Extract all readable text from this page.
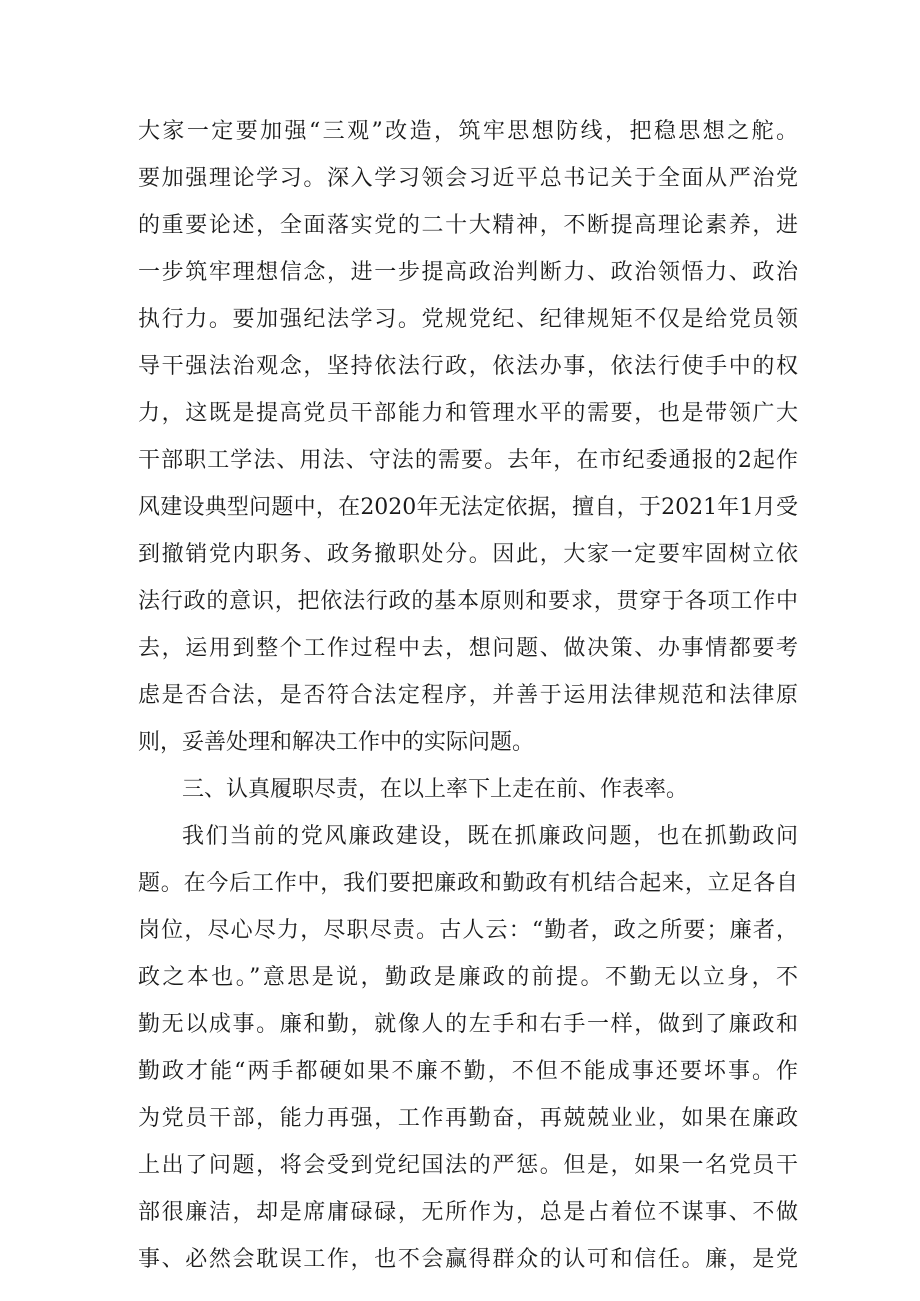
大家一定要加强“三观”改造，筑牢思想防线，把稳思想之舵。
要加强理论学习。深入学习领会习近平总书记关于全面从严治党
的重要论述，全面落实党的二十大精神，不断提高理论素养，进
一步筑牢理想信念，进一步提高政治判断力、政治领悟力、政治
执行力。要加强纪法学习。党规党纪、纪律规矩不仅是给党员领
导干强法治观念，坚持依法行政，依法办事，依法行使手中的权
力，这既是提高党员干部能力和管理水平的需要，也是带领广大
干部职工学法、用法、守法的需要。去年，在市纪委通报的2起作
风建设典型问题中，在2020年无法定依据，擅自，于2021年1月受
到撤销党内职务、政务撤职处分。因此，大家一定要牢固树立依
法行政的意识，把依法行政的基本原则和要求，贯穿于各项工作中
去，运用到整个工作过程中去，想问题、做决策、办事情都要考
虑是否合法，是否符合法定程序，并善于运用法律规范和法律原
则，妥善处理和解决工作中的实际问题。
三、认真履职尽责，在以上率下上走在前、作表率。
我们当前的党风廉政建设，既在抓廉政问题，也在抓勤政问
题。在今后工作中，我们要把廉政和勤政有机结合起来，立足各自
岗位，尽心尽力，尽职尽责。古人云：“勤者，政之所要；廉者，
政之本也。”意思是说，勤政是廉政的前提。不勤无以立身，不
勤无以成事。廉和勤，就像人的左手和右手一样，做到了廉政和
勤政才能“两手都硬如果不廉不勤，不但不能成事还要坏事。作
为党员干部，能力再强，工作再勤奋，再兢兢业业，如果在廉政
上出了问题，将会受到党纪国法的严惩。但是，如果一名党员干
部很廉洁，却是席庸碌碌，无所作为，总是占着位不谋事、不做
事、必然会耽误工作，也不会赢得群众的认可和信任。廉，是党
